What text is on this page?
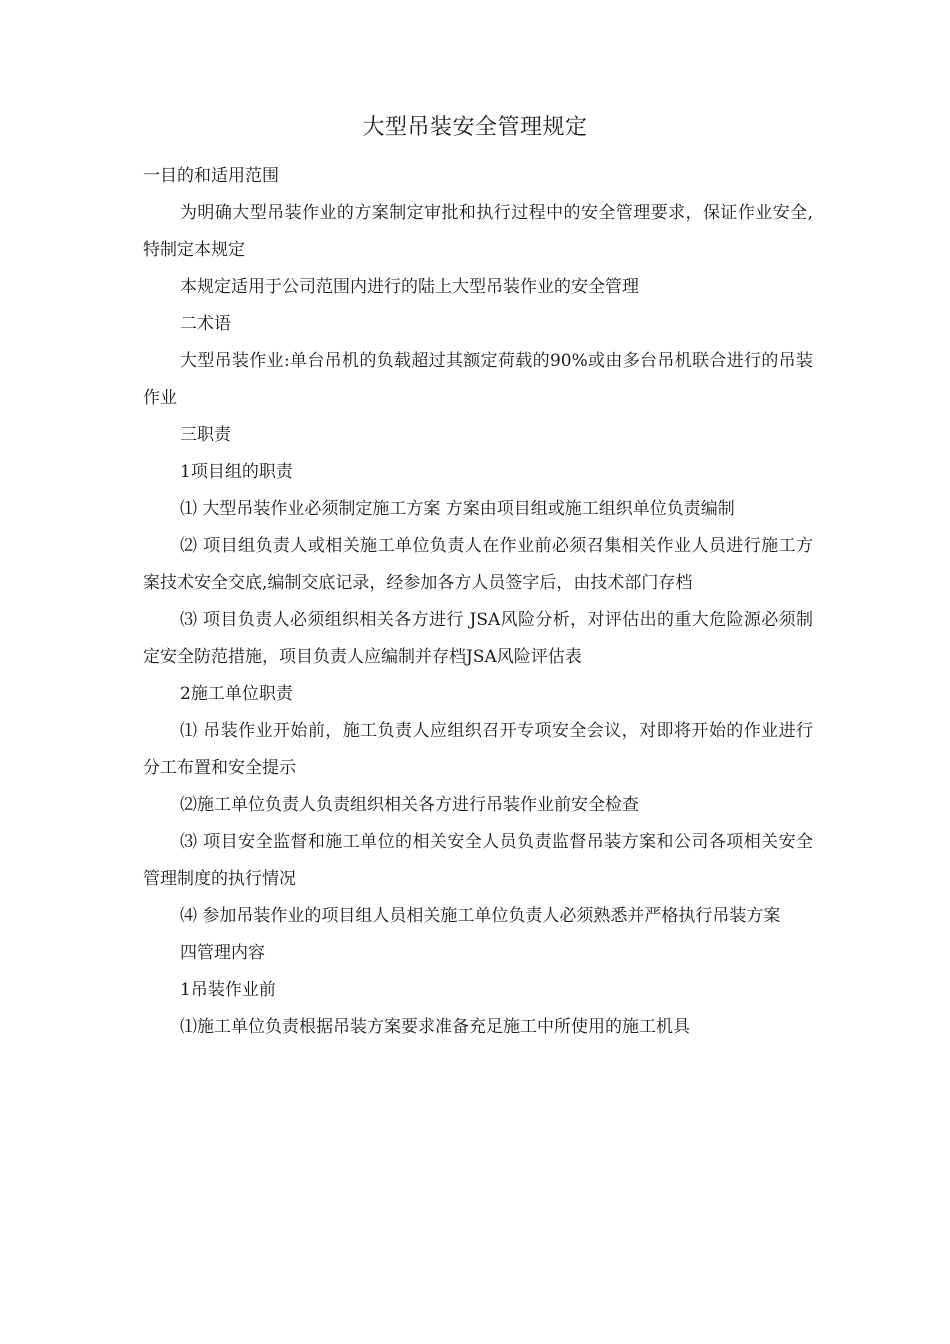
大型吊装安全管理规定

一目的和适用范围

为明确大型吊装作业的方案制定审批和执行过程中的安全管理要求，保证作业安全,特制定本规定

本规定适用于公司范围内进行的陆上大型吊装作业的安全管理

二术语

大型吊装作业:单台吊机的负载超过其额定荷载的90%或由多台吊机联合进行的吊装作业

三职责

1项目组的职责

⑴ 大型吊装作业必须制定施工方案 方案由项目组或施工组织单位负责编制

⑵ 项目组负责人或相关施工单位负责人在作业前必须召集相关作业人员进行施工方案技术安全交底,编制交底记录，经参加各方人员签字后，由技术部门存档

⑶ 项目负责人必须组织相关各方进行 JSA风险分析，对评估出的重大危险源必须制定安全防范措施，项目负责人应编制并存档JSA风险评估表

2施工单位职责

⑴ 吊装作业开始前，施工负责人应组织召开专项安全会议，对即将开始的作业进行分工布置和安全提示

⑵施工单位负责人负责组织相关各方进行吊装作业前安全检查

⑶ 项目安全监督和施工单位的相关安全人员负责监督吊装方案和公司各项相关安全管理制度的执行情况

⑷ 参加吊装作业的项目组人员相关施工单位负责人必须熟悉并严格执行吊装方案

四管理内容

1吊装作业前

⑴施工单位负责根据吊装方案要求准备充足施工中所使用的施工机具
